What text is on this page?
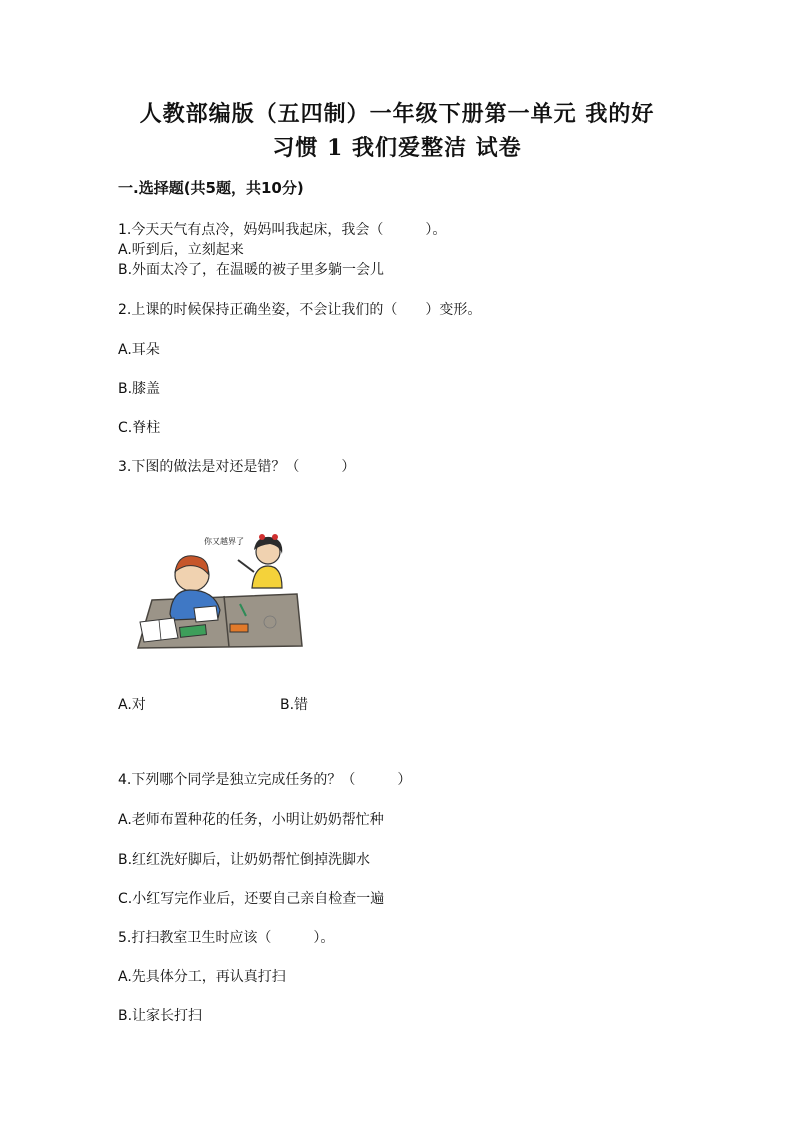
人教部编版（五四制）一年级下册第一单元 我的好
习惯 1 我们爱整洁 试卷
一.选择题(共5题，共10分)
1.今天天气有点冷，妈妈叫我起床，我会（　　　）。
A.听到后，立刻起来
B.外面太冷了，在温暖的被子里多躺一会儿
2.上课的时候保持正确坐姿，不会让我们的（　　）变形。
A.耳朵
B.膝盖
C.脊柱
3.下图的做法是对还是错？（　　　）
你又越界了
A.对	B.错
4.下列哪个同学是独立完成任务的？（　　　）
A.老师布置种花的任务，小明让奶奶帮忙种
B.红红洗好脚后，让奶奶帮忙倒掉洗脚水
C.小红写完作业后，还要自己亲自检查一遍
5.打扫教室卫生时应该（　　　）。
A.先具体分工，再认真打扫
B.让家长打扫
